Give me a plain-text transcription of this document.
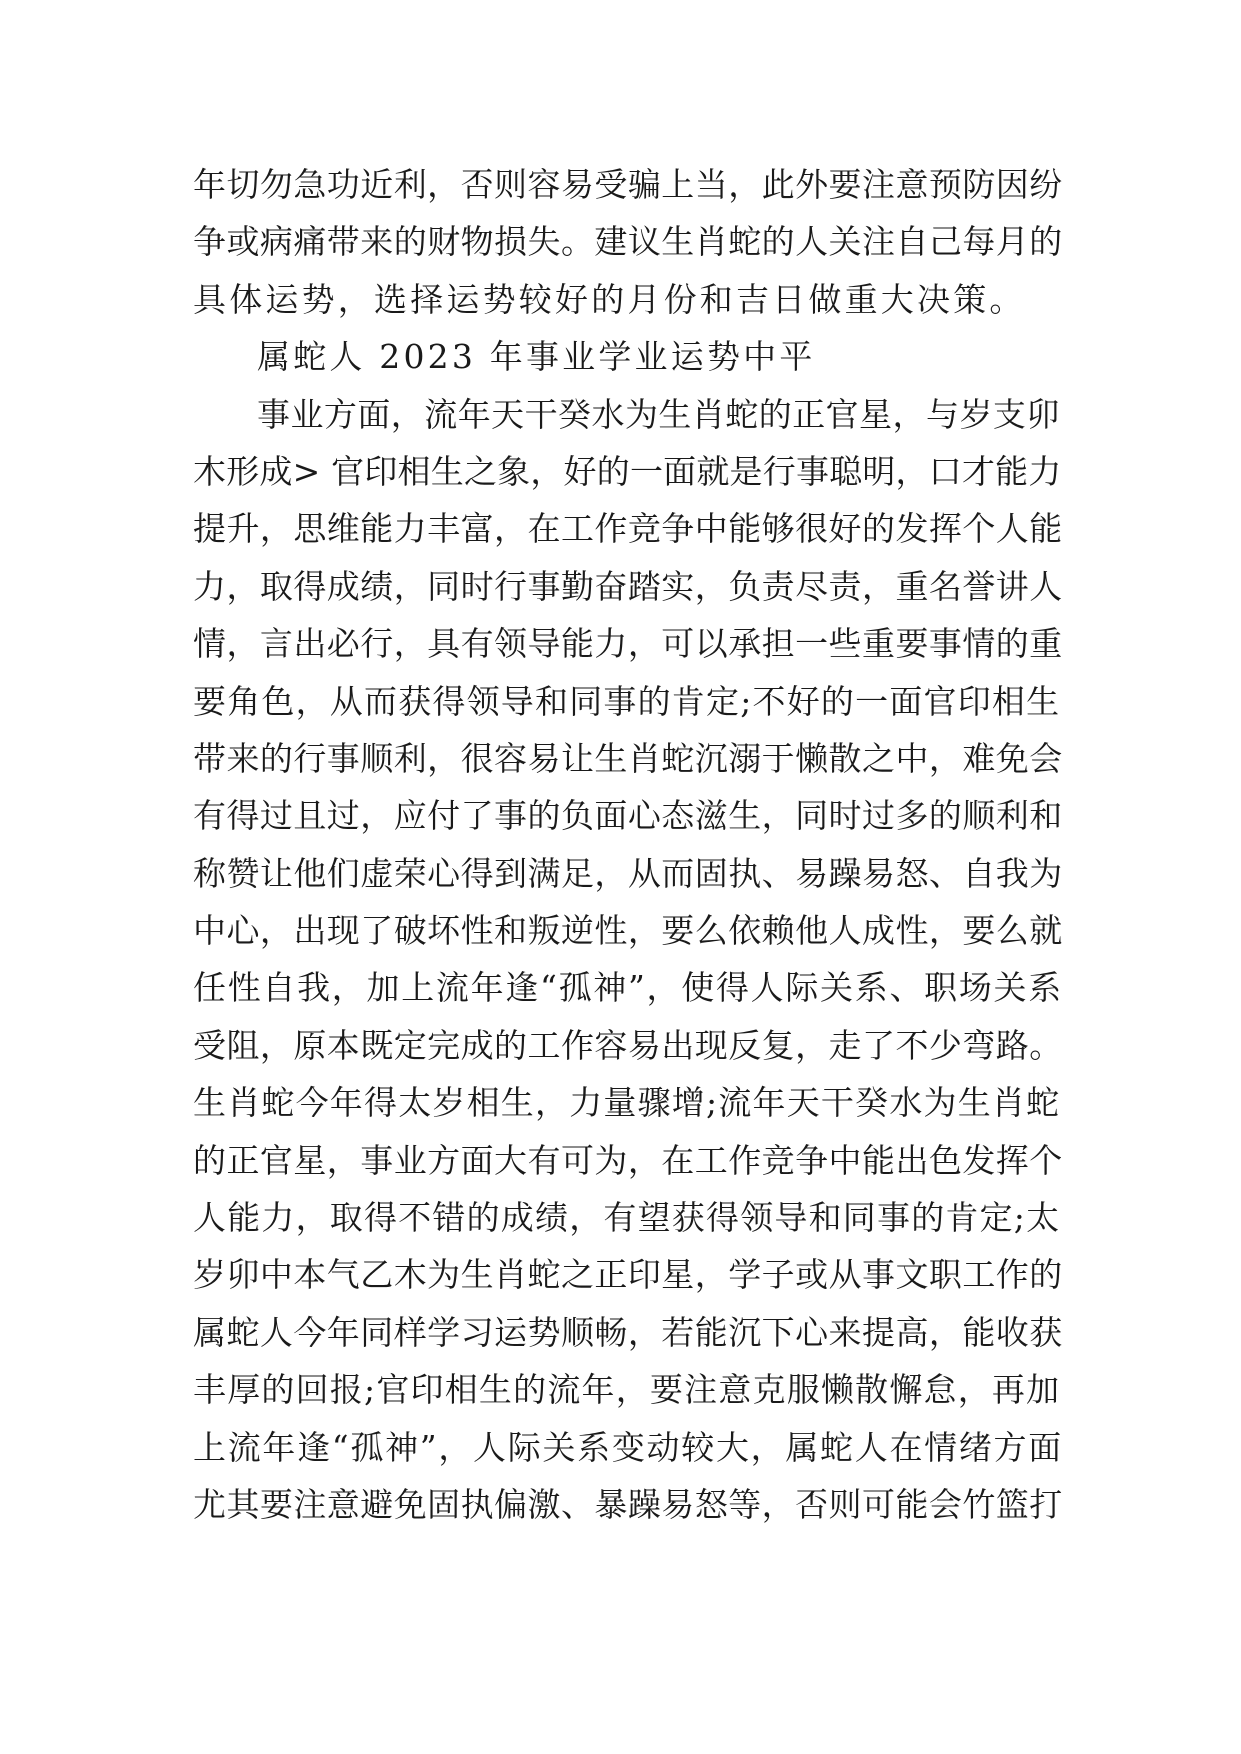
年切勿急功近利，否则容易受骗上当，此外要注意预防因纷
争或病痛带来的财物损失。建议生肖蛇的人关注自己每月的
具体运势，选择运势较好的月份和吉日做重大决策。
属蛇人 2023 年事业学业运势中平
事业方面，流年天干癸水为生肖蛇的正官星，与岁支卯
木形成> 官印相生之象，好的一面就是行事聪明，口才能力
提升，思维能力丰富，在工作竞争中能够很好的发挥个人能
力，取得成绩，同时行事勤奋踏实，负责尽责，重名誉讲人
情，言出必行，具有领导能力，可以承担一些重要事情的重
要角色，从而获得领导和同事的肯定;不好的一面官印相生
带来的行事顺利，很容易让生肖蛇沉溺于懒散之中，难免会
有得过且过，应付了事的负面心态滋生，同时过多的顺利和
称赞让他们虚荣心得到满足，从而固执、易躁易怒、自我为
中心，出现了破坏性和叛逆性，要么依赖他人成性，要么就
任性自我，加上流年逢“孤神”，使得人际关系、职场关系
受阻，原本既定完成的工作容易出现反复，走了不少弯路。
生肖蛇今年得太岁相生，力量骤增;流年天干癸水为生肖蛇
的正官星，事业方面大有可为，在工作竞争中能出色发挥个
人能力，取得不错的成绩，有望获得领导和同事的肯定;太
岁卯中本气乙木为生肖蛇之正印星，学子或从事文职工作的
属蛇人今年同样学习运势顺畅，若能沉下心来提高，能收获
丰厚的回报;官印相生的流年，要注意克服懒散懈怠，再加
上流年逢“孤神”，人际关系变动较大，属蛇人在情绪方面
尤其要注意避免固执偏激、暴躁易怒等，否则可能会竹篮打
